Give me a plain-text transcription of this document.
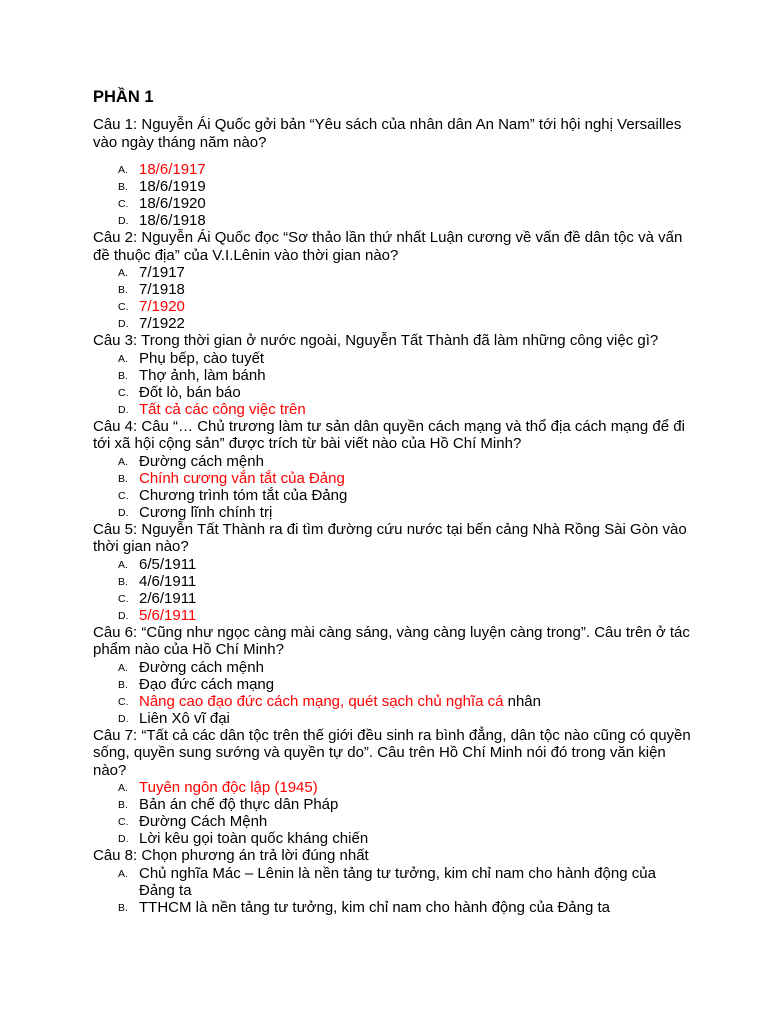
PHẦN 1
Câu 1: Nguyễn Ái Quốc gởi bản “Yêu sách của nhân dân An Nam” tới hội nghị Versailles vào ngày tháng năm nào?
A. 18/6/1917
B. 18/6/1919
C. 18/6/1920
D. 18/6/1918
Câu 2: Nguyễn Ái Quốc đọc “Sơ thảo lần thứ nhất Luận cương về vấn đề dân tộc và vấn đề thuộc địa” của V.I.Lênin vào thời gian nào?
A. 7/1917
B. 7/1918
C. 7/1920
D. 7/1922
Câu 3: Trong thời gian ở nước ngoài, Nguyễn Tất Thành đã làm những công việc gì?
A. Phụ bếp, cào tuyết
B. Thợ ảnh, làm bánh
C. Đốt lò, bán báo
D. Tất cả các công việc trên
Câu 4: Câu “… Chủ trương làm tư sản dân quyền cách mạng và thổ địa cách mạng để đi tới xã hội cộng sản” được trích từ bài viết nào của Hồ Chí Minh?
A. Đường cách mệnh
B. Chính cương vắn tắt của Đảng
C. Chương trình tóm tắt của Đảng
D. Cương lĩnh chính trị
Câu 5: Nguyễn Tất Thành ra đi tìm đường cứu nước tại bến cảng Nhà Rồng Sài Gòn vào thời gian nào?
A. 6/5/1911
B. 4/6/1911
C. 2/6/1911
D. 5/6/1911
Câu 6: “Cũng như ngọc càng mài càng sáng, vàng càng luyện càng trong”. Câu trên ở tác phẩm nào của Hồ Chí Minh?
A. Đường cách mệnh
B. Đạo đức cách mạng
C. Nâng cao đạo đức cách mạng, quét sạch chủ nghĩa cá nhân
D. Liên Xô vĩ đại
Câu 7: “Tất cả các dân tộc trên thế giới đều sinh ra bình đẳng, dân tộc nào cũng có quyền sống, quyền sung sướng và quyền tự do”. Câu trên Hồ Chí Minh nói đó trong văn kiện nào?
A. Tuyên ngôn độc lập (1945)
B. Bản án chế độ thực dân Pháp
C. Đường Cách Mệnh
D. Lời kêu gọi toàn quốc kháng chiến
Câu 8: Chọn phương án trả lời đúng nhất
A. Chủ nghĩa Mác – Lênin là nền tảng tư tưởng, kim chỉ nam cho hành động của Đảng ta
B. TTHCM là nền tảng tư tưởng, kim chỉ nam cho hành động của Đảng ta
